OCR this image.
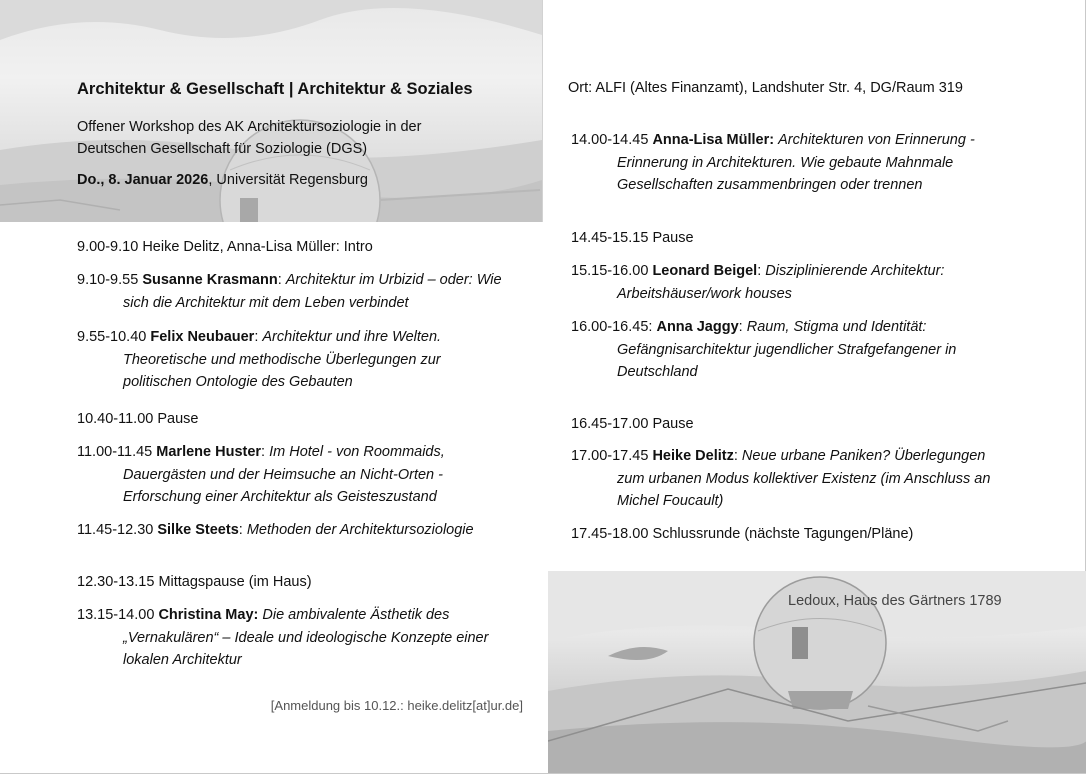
Architektur & Gesellschaft | Architektur & Soziales
Offener Workshop des AK Architektursoziologie in der
Deutschen Gesellschaft für Soziologie (DGS)
Do., 8. Januar 2026, Universität Regensburg
Ort: ALFI (Altes Finanzamt), Landshuter Str. 4, DG/Raum 319
9.00-9.10 Heike Delitz, Anna-Lisa Müller: Intro
9.10-9.55 Susanne Krasmann: Architektur im Urbizid – oder: Wie
sich die Architektur mit dem Leben verbindet
9.55-10.40 Felix Neubauer: Architektur und ihre Welten.
Theoretische und methodische Überlegungen zur
politischen Ontologie des Gebauten
10.40-11.00 Pause
11.00-11.45 Marlene Huster: Im Hotel - von Roommaids,
Dauergästen und der Heimsuche an Nicht-Orten -
Erforschung einer Architektur als Geisteszustand
11.45-12.30 Silke Steets: Methoden der Architektursoziologie
12.30-13.15 Mittagspause (im Haus)
13.15-14.00 Christina May: Die ambivalente Ästhetik des
„Vernakulären“ – Ideale und ideologische Konzepte einer
lokalen Architektur
14.00-14.45 Anna-Lisa Müller: Architekturen von Erinnerung -
Erinnerung in Architekturen. Wie gebaute Mahnmale
Gesellschaften zusammenbringen oder trennen
14.45-15.15 Pause
15.15-16.00 Leonard Beigel: Disziplinierende Architektur:
Arbeitshäuser/work houses
16.00-16.45: Anna Jaggy: Raum, Stigma und Identität:
Gefängnisarchitektur jugendlicher Strafgefangener in
Deutschland
16.45-17.00 Pause
17.00-17.45 Heike Delitz: Neue urbane Paniken? Überlegungen
zum urbanen Modus kollektiver Existenz (im Anschluss an
Michel Foucault)
17.45-18.00 Schlussrunde (nächste Tagungen/Pläne)
[Anmeldung bis 10.12.: heike.delitz[at]ur.de]
Ledoux, Haus des Gärtners 1789
